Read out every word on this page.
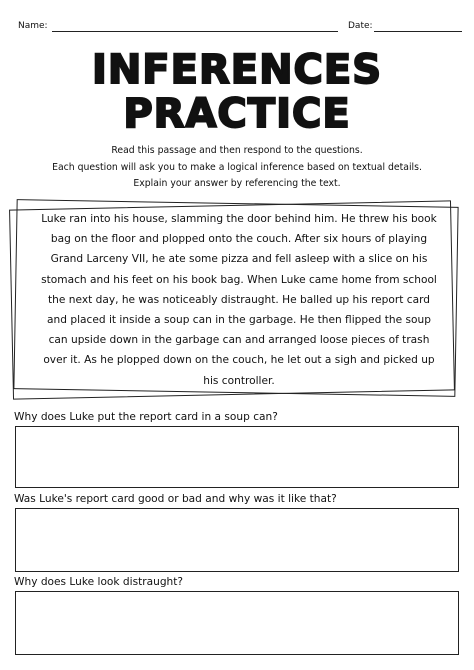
Name:	Date:
INFERENCES
PRACTICE
Read this passage and then respond to the questions.
Each question will ask you to make a logical inference based on textual details.
Explain your answer by referencing the text.
Luke ran into his house, slamming the door behind him. He threw his book
bag on the floor and plopped onto the couch. After six hours of playing
Grand Larceny VII, he ate some pizza and fell asleep with a slice on his
stomach and his feet on his book bag. When Luke came home from school
the next day, he was noticeably distraught. He balled up his report card
and placed it inside a soup can in the garbage. He then flipped the soup
can upside down in the garbage can and arranged loose pieces of trash
over it. As he plopped down on the couch, he let out a sigh and picked up
his controller.
Why does Luke put the report card in a soup can?
Was Luke's report card good or bad and why was it like that?
Why does Luke look distraught?
